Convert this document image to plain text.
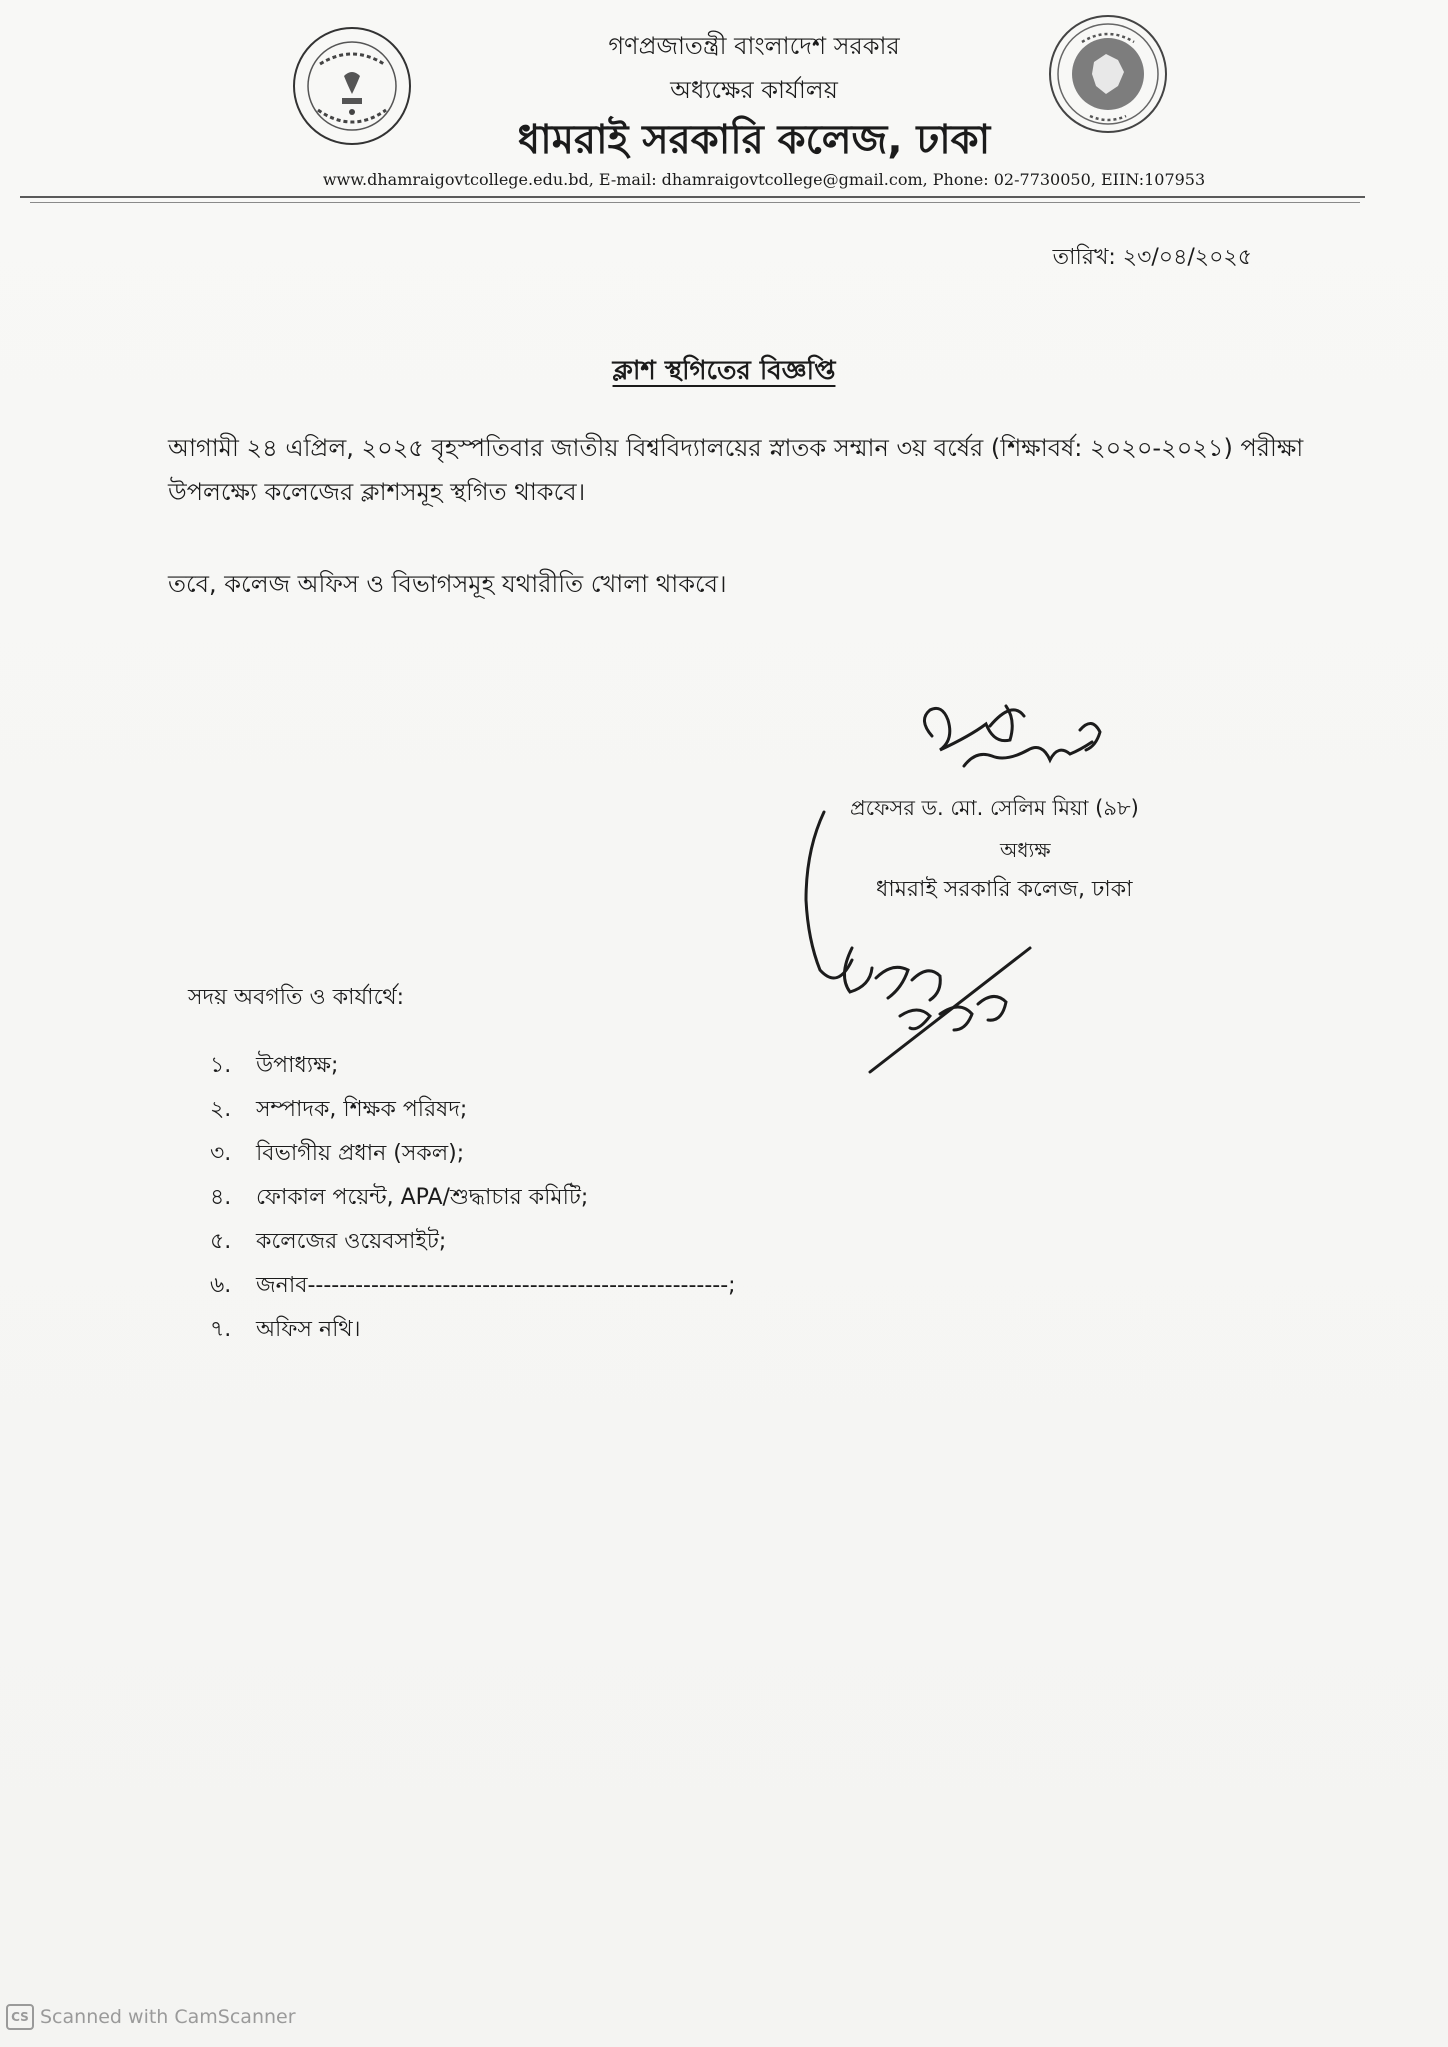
গণপ্রজাতন্ত্রী বাংলাদেশ সরকার
অধ্যক্ষের কার্যালয়
ধামরাই সরকারি কলেজ, ঢাকা
www.dhamraigovtcollege.edu.bd, E-mail: dhamraigovtcollege@gmail.com, Phone: 02-7730050, EIIN:107953
তারিখ: ২৩/০৪/২০২৫
ক্লাশ স্থগিতের বিজ্ঞপ্তি
আগামী ২৪ এপ্রিল, ২০২৫ বৃহস্পতিবার জাতীয় বিশ্ববিদ্যালয়ের স্নাতক সম্মান ৩য় বর্ষের (শিক্ষাবর্ষ: ২০২০-২০২১) পরীক্ষা উপলক্ষ্যে কলেজের ক্লাশসমূহ স্থগিত থাকবে।
তবে, কলেজ অফিস ও বিভাগসমূহ যথারীতি খোলা থাকবে।
প্রফেসর ড. মো. সেলিম মিয়া (৯৮)
অধ্যক্ষ
ধামরাই সরকারি কলেজ, ঢাকা
সদয় অবগতি ও কার্যার্থে:
১.	উপাধ্যক্ষ;
২.	সম্পাদক, শিক্ষক পরিষদ;
৩.	বিভাগীয় প্রধান (সকল);
৪.	ফোকাল পয়েন্ট, APA/শুদ্ধাচার কমিটি;
৫.	কলেজের ওয়েবসাইট;
৬.	জনাব-----------------------------------------------------;
৭.	অফিস নথি।
CS Scanned with CamScanner
